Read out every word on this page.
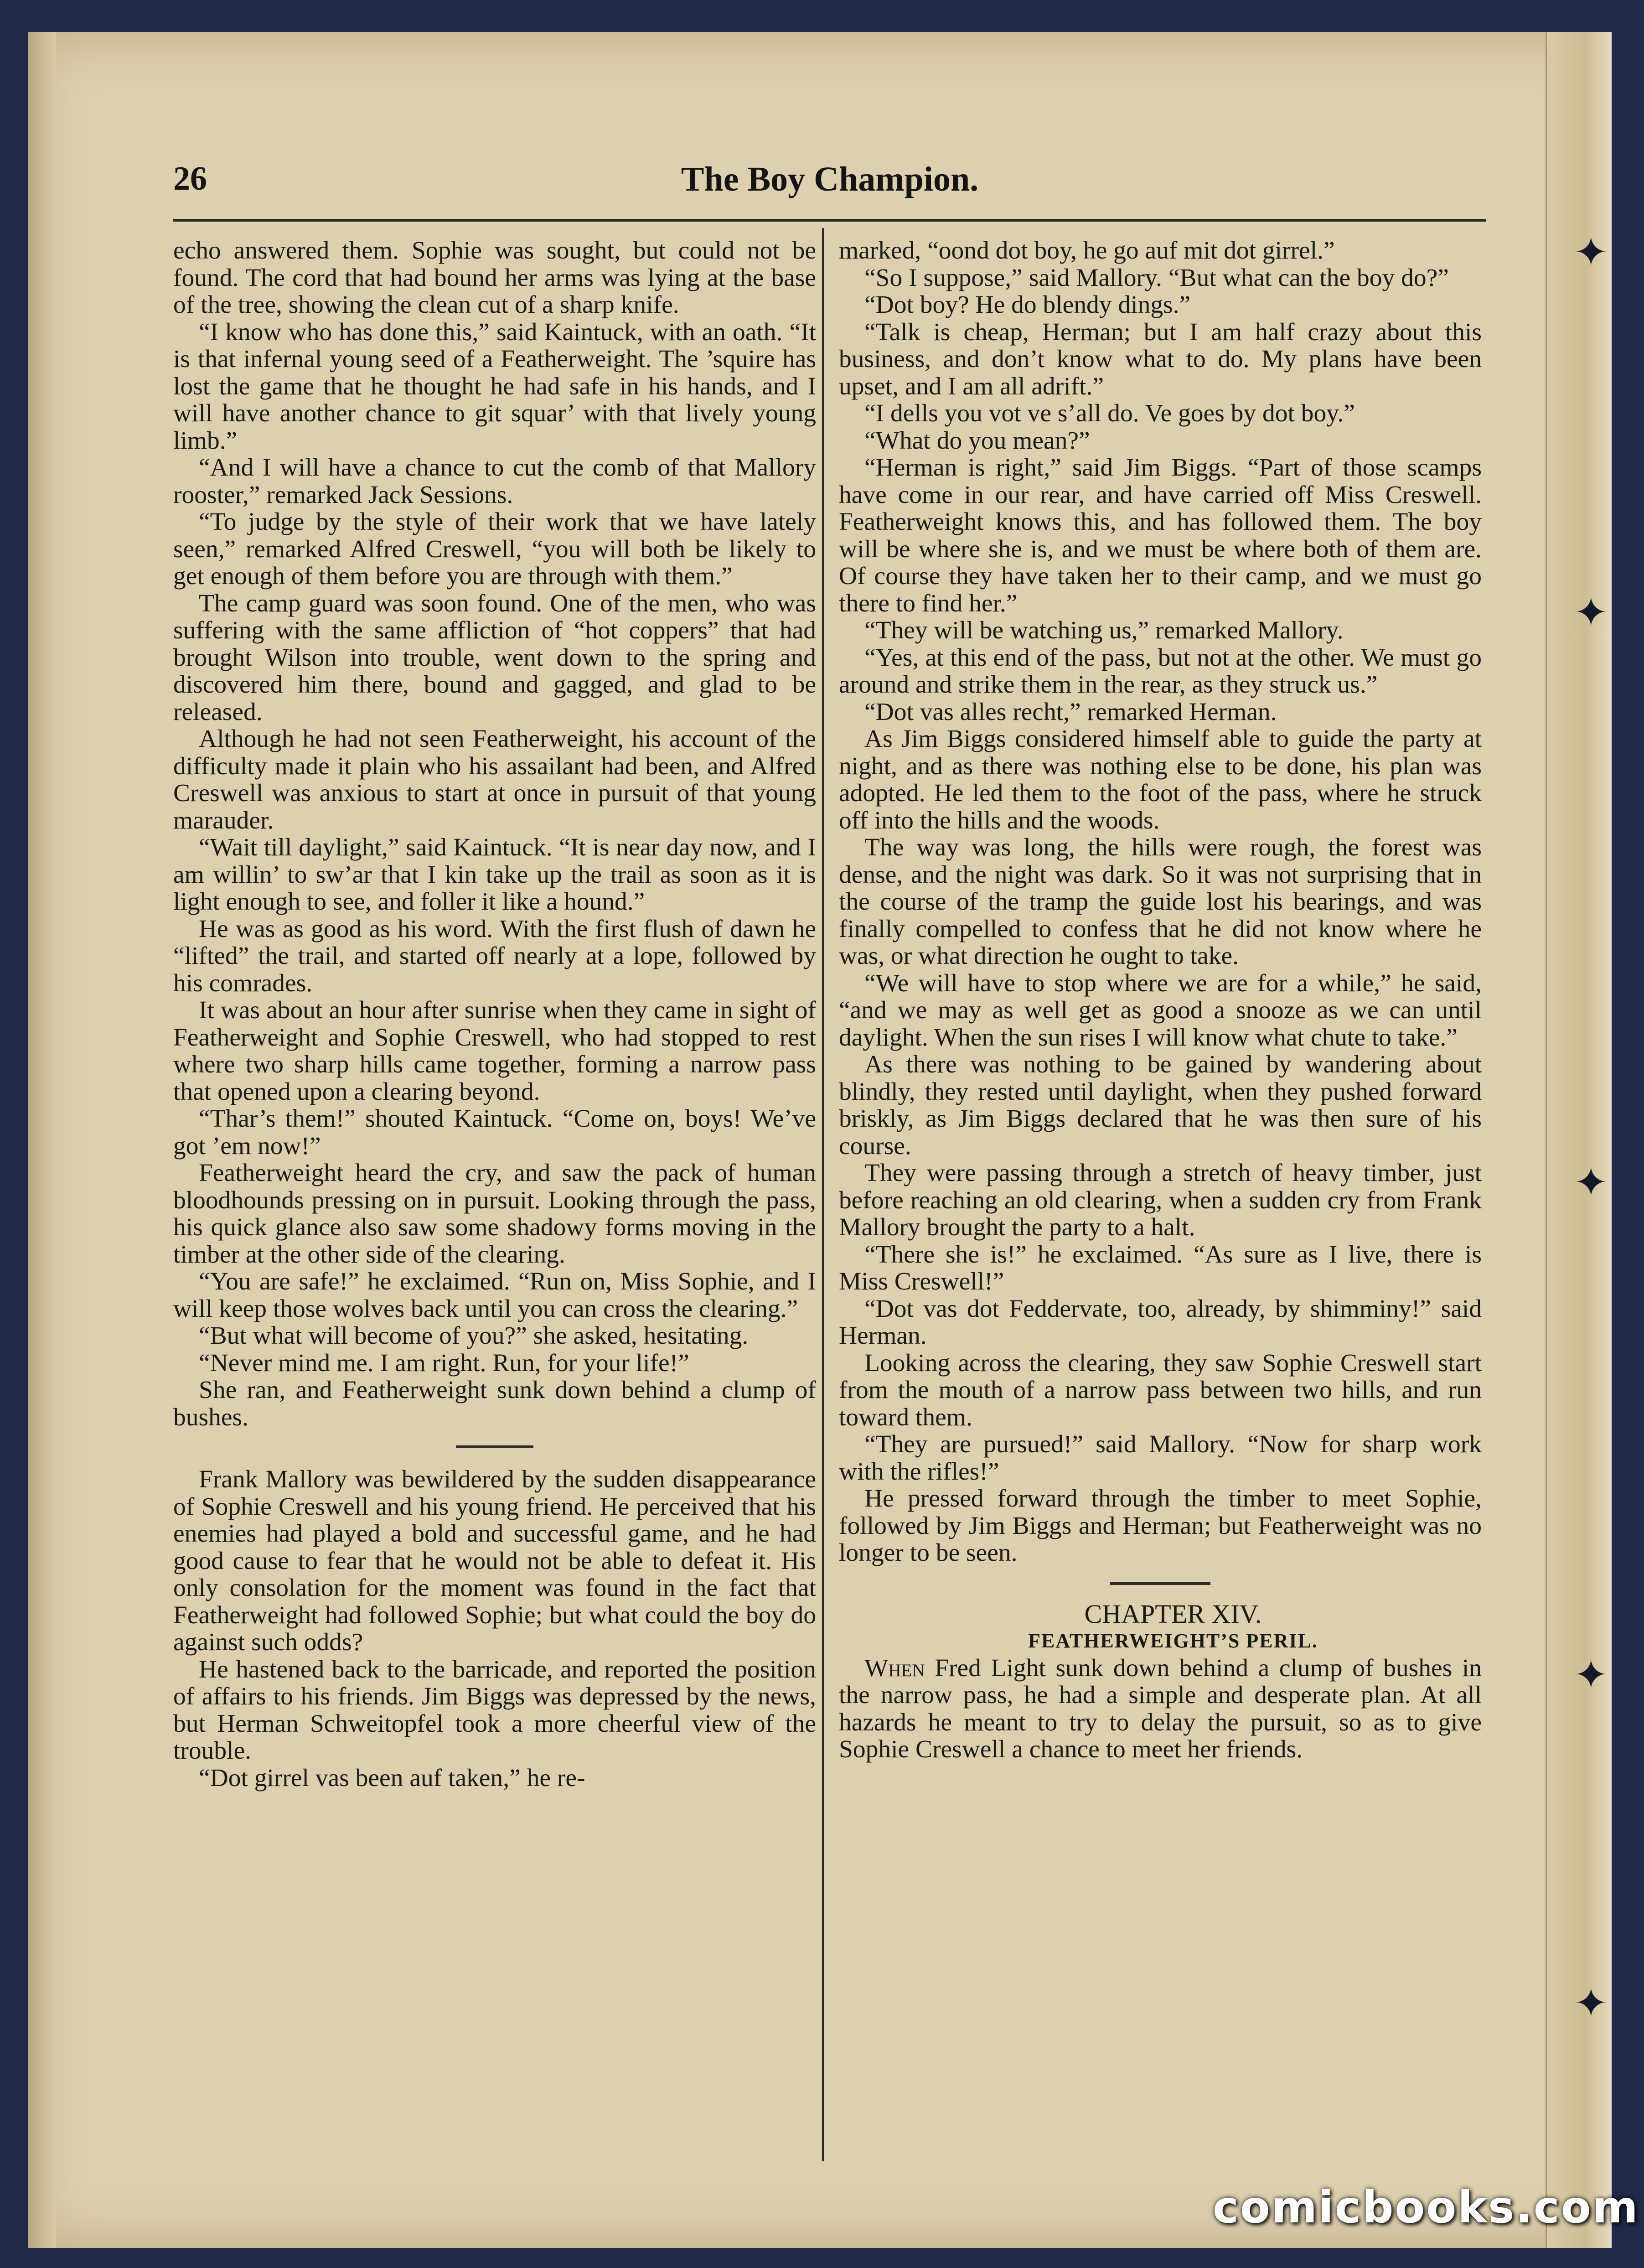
✦
✦
✦
✦
✦
26	The Boy Champion.

echo answered them. Sophie was sought, but could not be found. The cord that had bound her arms was lying at the base of the tree, showing the clean cut of a sharp knife.

“I know who has done this,” said Kaintuck, with an oath. “It is that infernal young seed of a Featherweight. The ’squire has lost the game that he thought he had safe in his hands, and I will have another chance to git squar’ with that lively young limb.”

“And I will have a chance to cut the comb of that Mallory rooster,” remarked Jack Sessions.

“To judge by the style of their work that we have lately seen,” remarked Alfred Creswell, “you will both be likely to get enough of them before you are through with them.”

The camp guard was soon found. One of the men, who was suffering with the same affliction of “hot coppers” that had brought Wilson into trouble, went down to the spring and discovered him there, bound and gagged, and glad to be released.

Although he had not seen Featherweight, his account of the difficulty made it plain who his assailant had been, and Alfred Creswell was anxious to start at once in pursuit of that young marauder.

“Wait till daylight,” said Kaintuck. “It is near day now, and I am willin’ to sw’ar that I kin take up the trail as soon as it is light enough to see, and foller it like a hound.”

He was as good as his word. With the first flush of dawn he “lifted” the trail, and started off nearly at a lope, followed by his comrades.

It was about an hour after sunrise when they came in sight of Featherweight and Sophie Creswell, who had stopped to rest where two sharp hills came together, forming a narrow pass that opened upon a clearing beyond.

“Thar’s them!” shouted Kaintuck. “Come on, boys! We’ve got ’em now!”

Featherweight heard the cry, and saw the pack of human bloodhounds pressing on in pursuit. Looking through the pass, his quick glance also saw some shadowy forms moving in the timber at the other side of the clearing.

“You are safe!” he exclaimed. “Run on, Miss Sophie, and I will keep those wolves back until you can cross the clearing.”

“But what will become of you?” she asked, hesitating.

“Never mind me. I am right. Run, for your life!”

She ran, and Featherweight sunk down behind a clump of bushes.

Frank Mallory was bewildered by the sudden disappearance of Sophie Creswell and his young friend. He perceived that his enemies had played a bold and successful game, and he had good cause to fear that he would not be able to defeat it. His only consolation for the moment was found in the fact that Featherweight had followed Sophie; but what could the boy do against such odds?

He hastened back to the barricade, and reported the position of affairs to his friends. Jim Biggs was depressed by the news, but Herman Schweitopfel took a more cheerful view of the trouble.

“Dot girrel vas been auf taken,” he re-

marked, “oond dot boy, he go auf mit dot girrel.”

“So I suppose,” said Mallory. “But what can the boy do?”

“Dot boy? He do blendy dings.”

“Talk is cheap, Herman; but I am half crazy about this business, and don’t know what to do. My plans have been upset, and I am all adrift.”

“I dells you vot ve s’all do. Ve goes by dot boy.”

“What do you mean?”

“Herman is right,” said Jim Biggs. “Part of those scamps have come in our rear, and have carried off Miss Creswell. Featherweight knows this, and has followed them. The boy will be where she is, and we must be where both of them are. Of course they have taken her to their camp, and we must go there to find her.”

“They will be watching us,” remarked Mallory.

“Yes, at this end of the pass, but not at the other. We must go around and strike them in the rear, as they struck us.”

“Dot vas alles recht,” remarked Herman.

As Jim Biggs considered himself able to guide the party at night, and as there was nothing else to be done, his plan was adopted. He led them to the foot of the pass, where he struck off into the hills and the woods.

The way was long, the hills were rough, the forest was dense, and the night was dark. So it was not surprising that in the course of the tramp the guide lost his bearings, and was finally compelled to confess that he did not know where he was, or what direction he ought to take.

“We will have to stop where we are for a while,” he said, “and we may as well get as good a snooze as we can until daylight. When the sun rises I will know what chute to take.”

As there was nothing to be gained by wandering about blindly, they rested until daylight, when they pushed forward briskly, as Jim Biggs declared that he was then sure of his course.

They were passing through a stretch of heavy timber, just before reaching an old clearing, when a sudden cry from Frank Mallory brought the party to a halt.

“There she is!” he exclaimed. “As sure as I live, there is Miss Creswell!”

“Dot vas dot Feddervate, too, already, by shimminy!” said Herman.

Looking across the clearing, they saw Sophie Creswell start from the mouth of a narrow pass between two hills, and run toward them.

“They are pursued!” said Mallory. “Now for sharp work with the rifles!”

He pressed forward through the timber to meet Sophie, followed by Jim Biggs and Herman; but Featherweight was no longer to be seen.

CHAPTER XIV.

FEATHERWEIGHT’S PERIL.

When Fred Light sunk down behind a clump of bushes in the narrow pass, he had a simple and desperate plan. At all hazards he meant to try to delay the pursuit, so as to give Sophie Creswell a chance to meet her friends.

comicbooks.com
